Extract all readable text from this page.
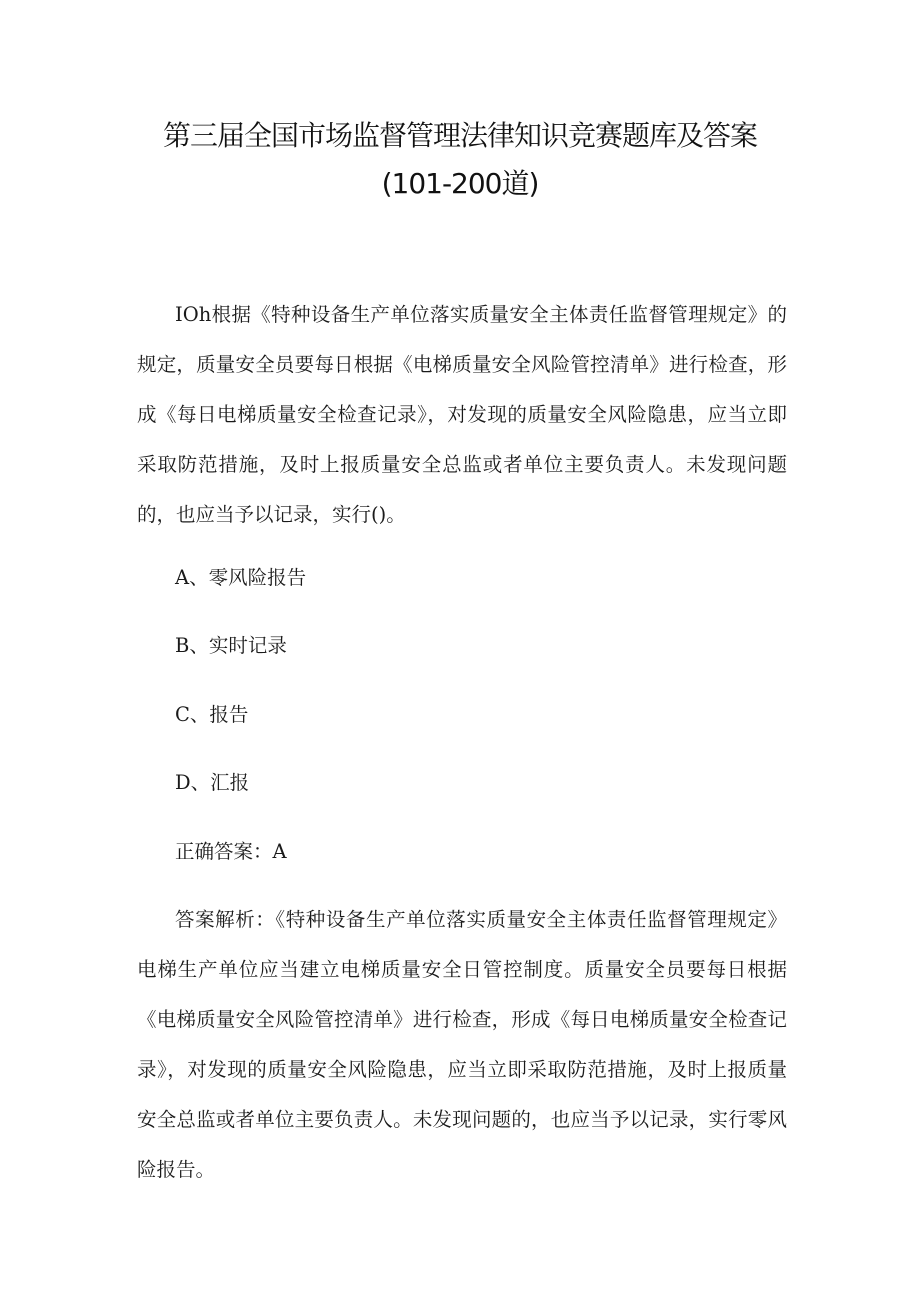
第三届全国市场监督管理法律知识竞赛题库及答案
(101-200道)
IOh根据《特种设备生产单位落实质量安全主体责任监督管理规定》的规定，质量安全员要每日根据《电梯质量安全风险管控清单》进行检查，形成《每日电梯质量安全检查记录》，对发现的质量安全风险隐患，应当立即采取防范措施，及时上报质量安全总监或者单位主要负责人。未发现问题的，也应当予以记录，实行()。
A、零风险报告
B、实时记录
C、报告
D、汇报
正确答案：A
答案解析：《特种设备生产单位落实质量安全主体责任监督管理规定》电梯生产单位应当建立电梯质量安全日管控制度。质量安全员要每日根据《电梯质量安全风险管控清单》进行检查，形成《每日电梯质量安全检查记录》，对发现的质量安全风险隐患，应当立即采取防范措施，及时上报质量安全总监或者单位主要负责人。未发现问题的，也应当予以记录，实行零风险报告。
